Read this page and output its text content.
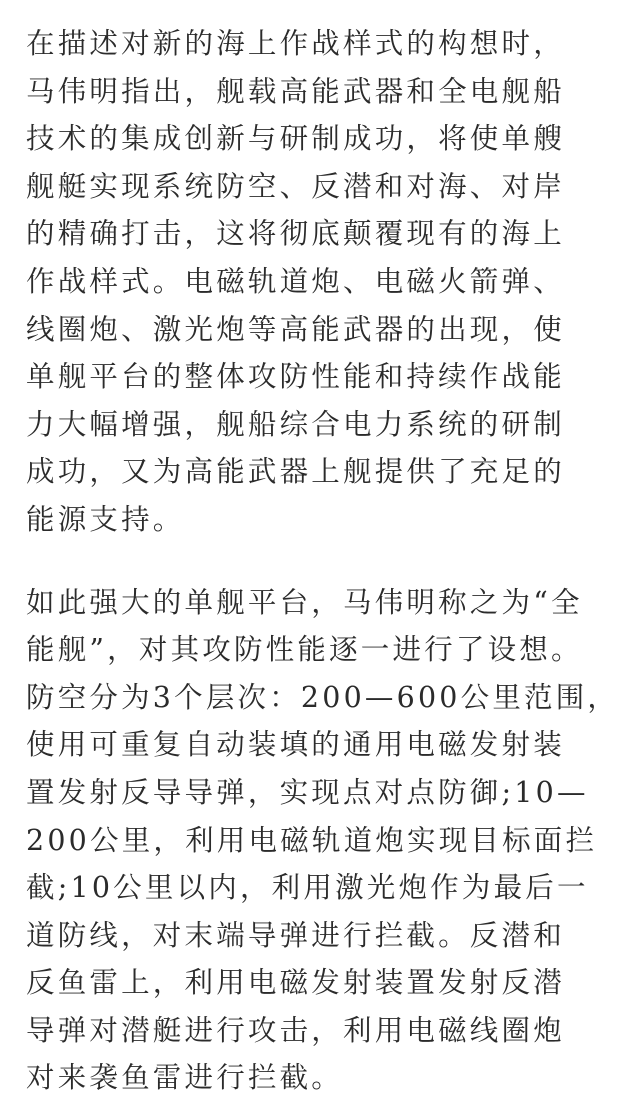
在描述对新的海上作战样式的构想时，
马伟明指出，舰载高能武器和全电舰船
技术的集成创新与研制成功，将使单艘
舰艇实现系统防空、反潜和对海、对岸
的精确打击，这将彻底颠覆现有的海上
作战样式。电磁轨道炮、电磁火箭弹、
线圈炮、激光炮等高能武器的出现，使
单舰平台的整体攻防性能和持续作战能
力大幅增强，舰船综合电力系统的研制
成功，又为高能武器上舰提供了充足的
能源支持。
如此强大的单舰平台，马伟明称之为“全
能舰”，对其攻防性能逐一进行了设想。
防空分为3个层次：200—600公里范围，
使用可重复自动装填的通用电磁发射装
置发射反导导弹，实现点对点防御;10—
200公里，利用电磁轨道炮实现目标面拦
截;10公里以内，利用激光炮作为最后一
道防线，对末端导弹进行拦截。反潜和
反鱼雷上，利用电磁发射装置发射反潜
导弹对潜艇进行攻击，利用电磁线圈炮
对来袭鱼雷进行拦截。
